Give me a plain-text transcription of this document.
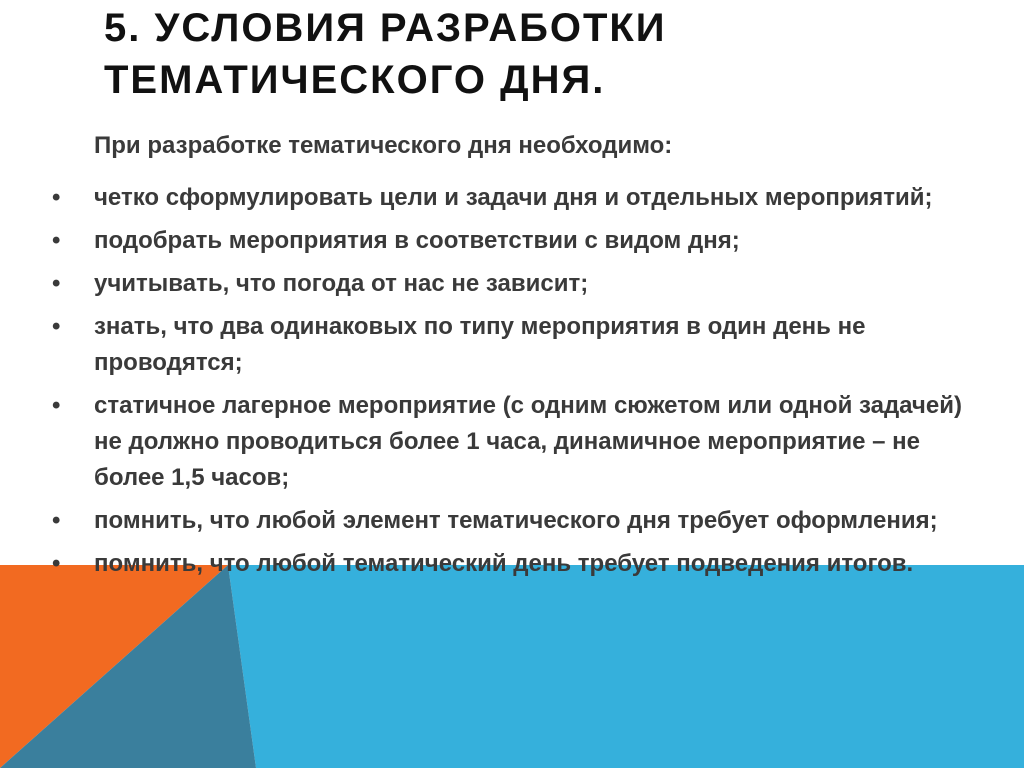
5. УСЛОВИЯ РАЗРАБОТКИ ТЕМАТИЧЕСКОГО ДНЯ.
При разработке тематического дня необходимо:
•	четко сформулировать цели и задачи дня и отдельных мероприятий;
•	подобрать мероприятия в соответствии с видом дня;
•	учитывать, что погода от нас не зависит;
•	знать, что два одинаковых по типу мероприятия в один день не проводятся;
•	статичное лагерное мероприятие (с одним сюжетом или одной задачей) не должно проводиться более 1 часа, динамичное мероприятие – не более 1,5 часов;
•	помнить, что любой элемент тематического дня требует оформления;
•	помнить, что любой тематический день требует подведения итогов.
